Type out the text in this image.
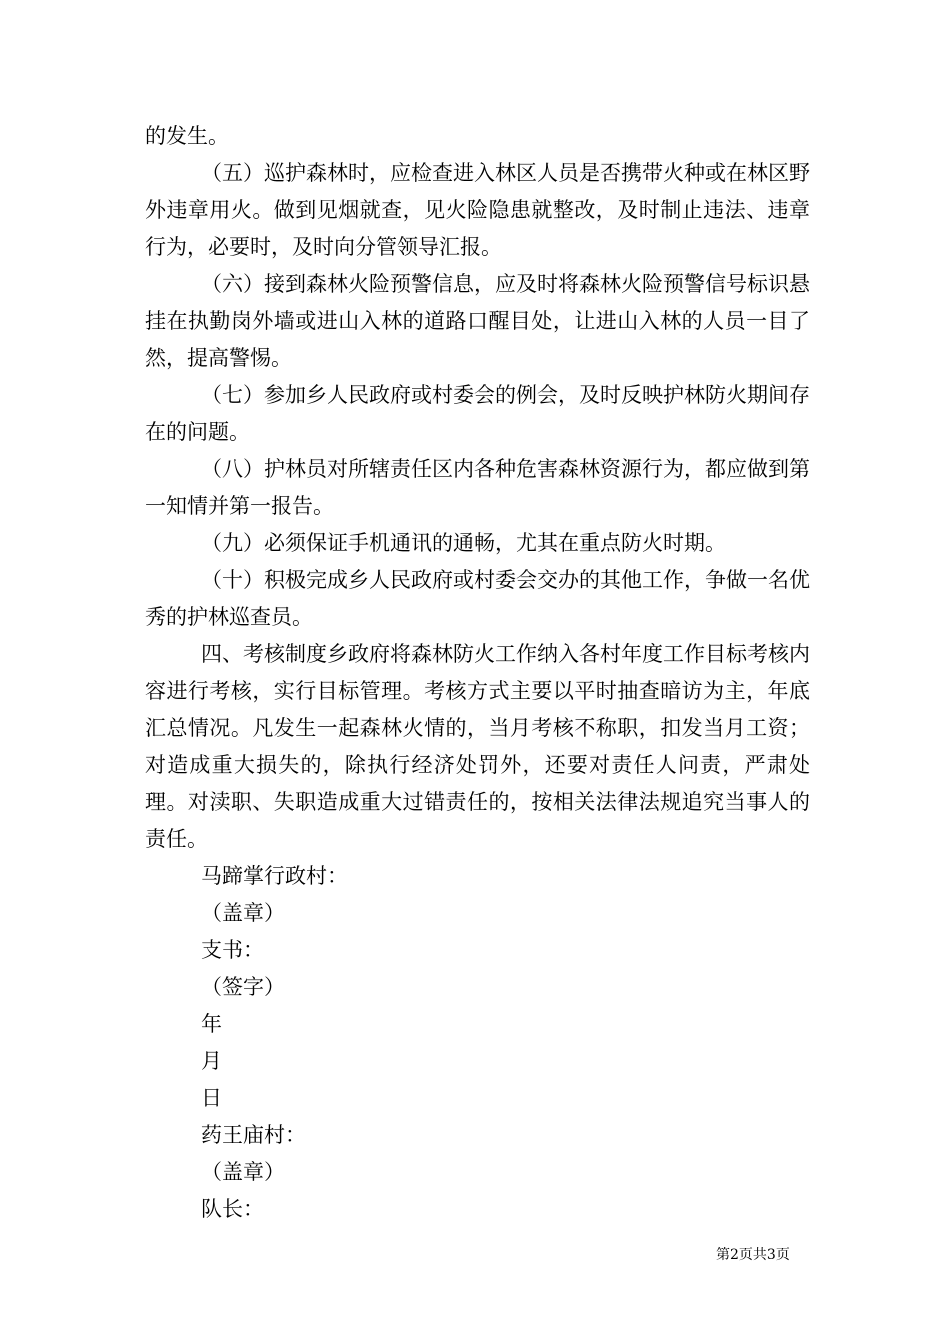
的发生。

（五）巡护森林时，应检查进入林区人员是否携带火种或在林区野外违章用火。做到见烟就查，见火险隐患就整改，及时制止违法、违章行为，必要时，及时向分管领导汇报。

（六）接到森林火险预警信息，应及时将森林火险预警信号标识悬挂在执勤岗外墙或进山入林的道路口醒目处，让进山入林的人员一目了然，提高警惕。

（七）参加乡人民政府或村委会的例会，及时反映护林防火期间存在的问题。

（八）护林员对所辖责任区内各种危害森林资源行为，都应做到第一知情并第一报告。

（九）必须保证手机通讯的通畅，尤其在重点防火时期。

（十）积极完成乡人民政府或村委会交办的其他工作，争做一名优秀的护林巡查员。

四、考核制度乡政府将森林防火工作纳入各村年度工作目标考核内容进行考核，实行目标管理。考核方式主要以平时抽查暗访为主，年底汇总情况。凡发生一起森林火情的，当月考核不称职，扣发当月工资；对造成重大损失的，除执行经济处罚外，还要对责任人问责，严肃处理。对渎职、失职造成重大过错责任的，按相关法律法规追究当事人的责任。

马蹄掌行政村：

（盖章）

支书：

（签字）

年

月

日

药王庙村：

（盖章）

队长：

第2页共3页
